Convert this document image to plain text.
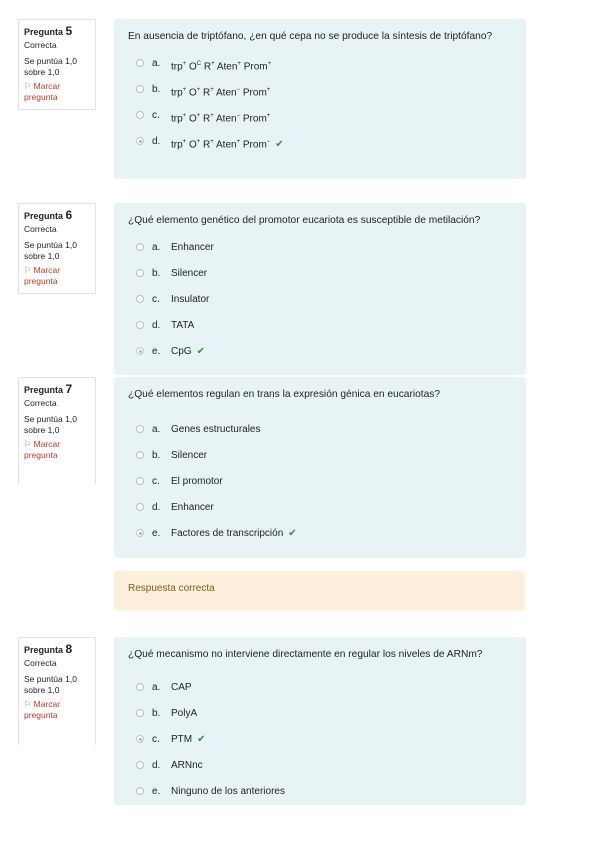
Pregunta 5
Correcta
Se puntúa 1,0 sobre 1,0
⚐ Marcar pregunta
En ausencia de triptófano, ¿en qué cepa no se produce la síntesis de triptófano?
a. trp+ $O^C$ R+ Aten+ Prom+
b. trp+ O+ R+ Aten− Prom+
c. trp+ O+ R+ Aten− Prom+
d. trp+ O+ R+ Aten+ Prom− ✔
Pregunta 6
Correcta
Se puntúa 1,0 sobre 1,0
⚐ Marcar pregunta
¿Qué elemento genético del promotor eucariota es susceptible de metilación?
a. Enhancer
b. Silencer
c. Insulator
d. TATA
e. CpG ✔
Pregunta 7
Correcta
Se puntúa 1,0 sobre 1,0
⚐ Marcar pregunta
¿Qué elementos regulan en trans la expresión génica en eucariotas?
a. Genes estructurales
b. Silencer
c. El promotor
d. Enhancer
e. Factores de transcripción ✔
Respuesta correcta
Pregunta 8
Correcta
Se puntúa 1,0 sobre 1,0
⚐ Marcar pregunta
¿Qué mecanismo no interviene directamente en regular los niveles de ARNm?
a. CAP
b. PolyA
c. PTM ✔
d. ARNnc
e. Ninguno de los anteriores
